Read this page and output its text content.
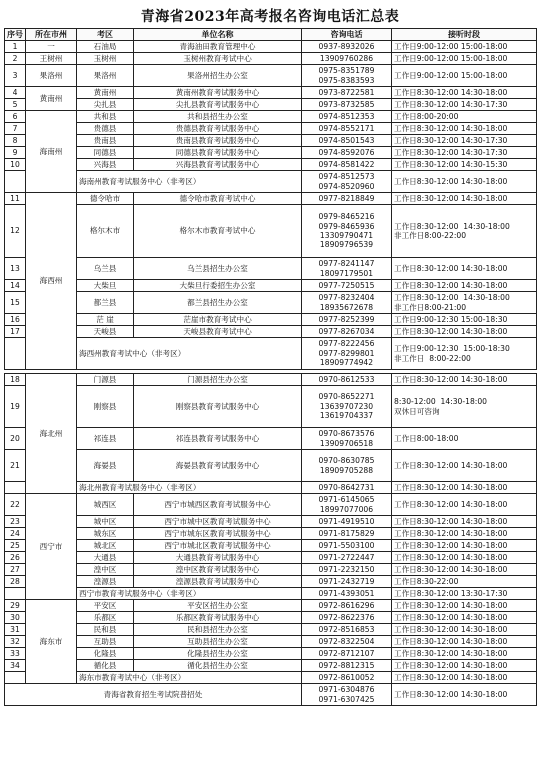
青海省2023年高考报名咨询电话汇总表
序号	所在市州	考区	单位名称	咨询电话	接听时段
1	一	石油局	青海油田教育管理中心	0937-8932026	工作日9:00-12:00 15:00-18:00
2	王树州	玉树州	玉树州教育考试中心	13909760286	工作日9:00-12:00 15:00-18:00
3	果洛州	果洛州	果洛州招生办公室	0975-8351789
0975-8383593	工作日9:00-12:00 15:00-18:00
4	黄南州	黄南州	黄南州教育考试服务中心	0973-8722581	工作日8:30-12:00 14:30-18:00
5		尖扎县	尖扎县教育考试服务中心	0973-8732585	工作日8:30-12:00 14:30-17:30
6	海南州	共和县	共和县招生办公室	0974-8512353	工作日8:00-20:00
7		贵德县	贵德县教育考试服务中心	0974-8552171	工作日8:30-12:00 14:30-18:00
8		贵南县	贵南县教育考试服务中心	0974-8501543	工作日8:30-12:00 14:30-17:30
9		同德县	同德县教育考试服务中心	0974-8592076	工作日8:30-12:00 14:30-17:30
10		兴海县	兴海县教育考试服务中心	0974-8581422	工作日8:30-12:00 14:30-15:30
		海南州教育考试服务中心（非考区）		0974-8512573
0974-8520960	工作日8:30-12:00 14:30-18:00
11	海西州	德令哈市	德令哈市教育考试中心	0977-8218849	工作日8:30-12:00 14:30-18:00
12		格尔木市	格尔木市教育考试中心	0979-8465216
0979-8465936
13309790471
18909796539	工作日8:30-12:00  14:30-18:00
非工作日8:00-22:00
13		乌兰县	乌兰县招生办公室	0977-8241147
18097179501	工作日8:30-12:00 14:30-18:00
14		大柴旦	大柴旦行委招生办公室	0977-7250515	工作日8:30-12:00 14:30-18:00
15		都兰县	都兰县招生办公室	0977-8232404
18935672678	工作日8:30-12:00  14:30-18:00
非工作日8:00-21:00
16		茫 崖	茫崖市教育考试中心	0977-8252399	工作日9:00-12:30 15:00-18:30
17		天峻县	天峻县教育考试中心	0977-8267034	工作日8:30-12:00 14:30-18:00
		海西州教育考试中心（非考区）		0977-8222456
0977-8299801
18909774942	工作日9:00-12:30  15:00-18:30
非工作日  8:00-22:00
18	海北州	门源县	门源县招生办公室	0970-8612533	工作日8:30-12:00 14:30-18:00
19		刚察县	刚察县教育考试服务中心	0970-8652271
13639707230
13619704337	8:30-12:00  14:30-18:00
双休日可咨询
20		祁连县	祁连县教育考试服务中心	0970-8673576
13909706518	工作日8:00-18:00
21		海晏县	海晏县教育考试服务中心	0970-8630785
18909705288	工作日8:30-12:00 14:30-18:00
		海北州教育考试服务中心（非考区）		0970-8642731	工作日8:30-12:00 14:30-18:00
22	西宁市	城西区	西宁市城西区教育考试服务中心	0971-6145065
18997077006	工作日8:30-12:00 14:30-18:00
23		城中区	西宁市城中区教育考试服务中心	0971-4919510	工作日8:30-12:00 14:30-18:00
24		城东区	西宁市城东区教育考试服务中心	0971-8175829	工作日8:30-12:00 14:30-18:00
25		城北区	西宁市城北区教育考试服务中心	0971-5503100	工作日8:30-12:00 14:30-18:00
26		大通县	大通县教育考试服务中心	0971-2722447	工作日8:30-12:00 14:30-18:00
27		湟中区	湟中区教育考试服务中心	0971-2232150	工作日8:30-12:00 14:30-18:00
28		湟源县	湟源县教育考试服务中心	0971-2432719	工作日8:30-22:00
		西宁市教育考试服务中心（非考区）		0971-4393051	工作日8:30-12:00 13:30-17:30
29	海东市	平安区	平安区招生办公室	0972-8616296	工作日8:30-12:00 14:30-18:00
30		乐都区	乐都区教育考试服务中心	0972-8622376	工作日8:30-12:00 14:30-18:00
31		民和县	民和县招生办公室	0972-8516853	工作日8:30-12:00 14:30-18:00
32		互助县	互助县招生办公室	0972-8322504	工作日8:30-12:00 14:30-18:00
33		化隆县	化隆县招生办公室	0972-8712107	工作日8:30-12:00 14:30-18:00
34		循化县	循化县招生办公室	0972-8812315	工作日8:30-12:00 14:30-18:00
		海东市教育考试中心（非考区）		0972-8610052	工作日8:30-12:00 14:30-18:00
青海省教育招生考试院普招处				0971-6304876
0971-6307425	工作日8:30-12:00 14:30-18:00
